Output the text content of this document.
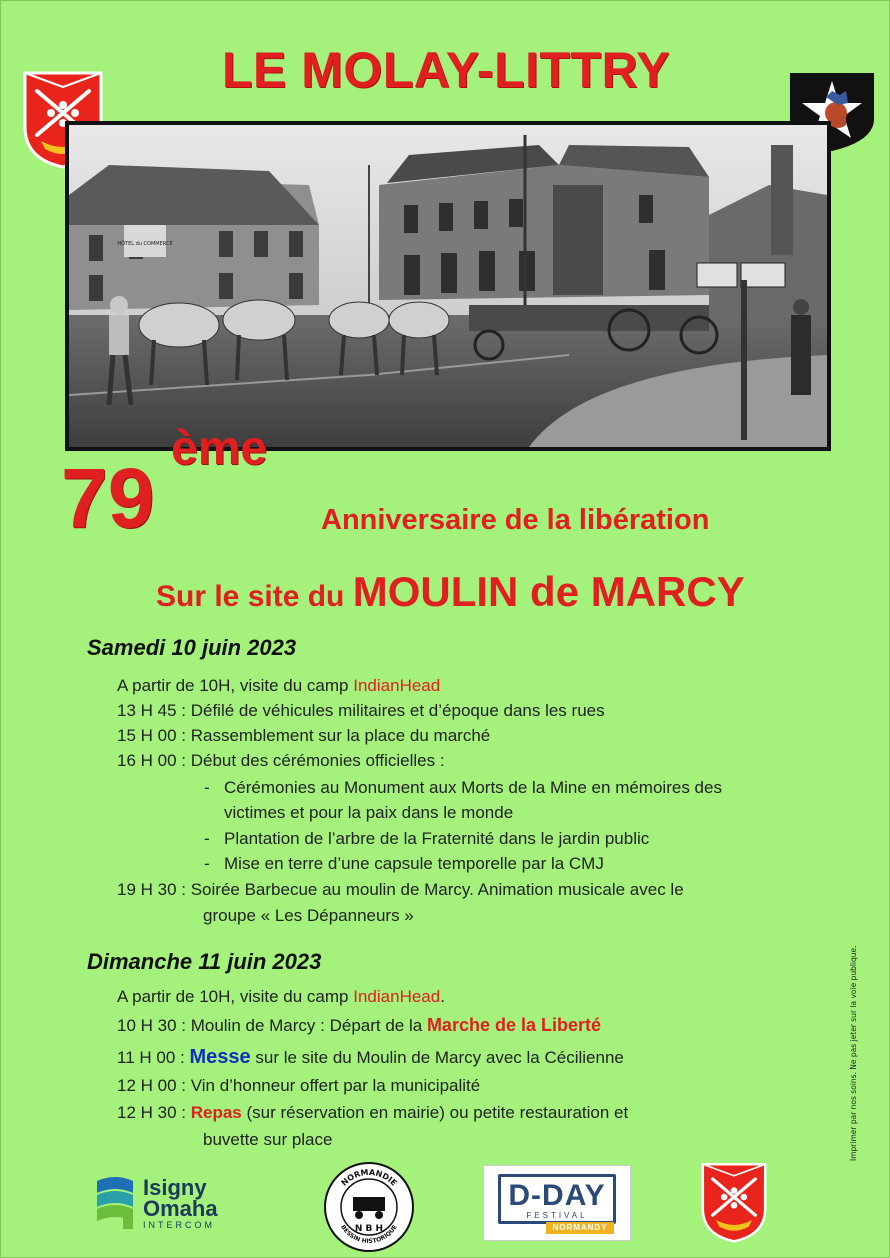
LE MOLAY-LITTRY
HÔTEL du COMMERCE
79
ème
Anniversaire de la libération
Sur le site du MOULIN de MARCY
Samedi 10 juin 2023
A partir de 10H, visite du camp IndianHead
13 H 45 : Défilé de véhicules militaires et d’époque dans les rues
15 H 00 : Rassemblement sur la place du marché
16 H 00 : Début des cérémonies officielles :
- Cérémonies au Monument aux Morts de la Mine en mémoires des
victimes et pour la paix dans le monde
- Plantation de l’arbre de la Fraternité dans le jardin public
- Mise en terre d’une capsule temporelle par la CMJ
19 H 30 : Soirée Barbecue au moulin de Marcy. Animation musicale avec le
groupe « Les Dépanneurs »
Dimanche 11 juin 2023
A partir de 10H, visite du camp IndianHead.
10 H 30 : Moulin de Marcy : Départ de la Marche de la Liberté
11 H 00 : Messe sur le site du Moulin de Marcy avec la Cécilienne
12 H 00 : Vin d’honneur offert par la municipalité
12 H 30 : Repas (sur réservation en mairie) ou petite restauration et
buvette sur place	Imprimer par nos soins. Ne pas jeter sur la voie publique.
Isigny
Omaha
INTERCOM
NORMANDIE
BESSIN HISTORIQUE
N B H
D-DAY
FESTIVAL
NORMANDY
